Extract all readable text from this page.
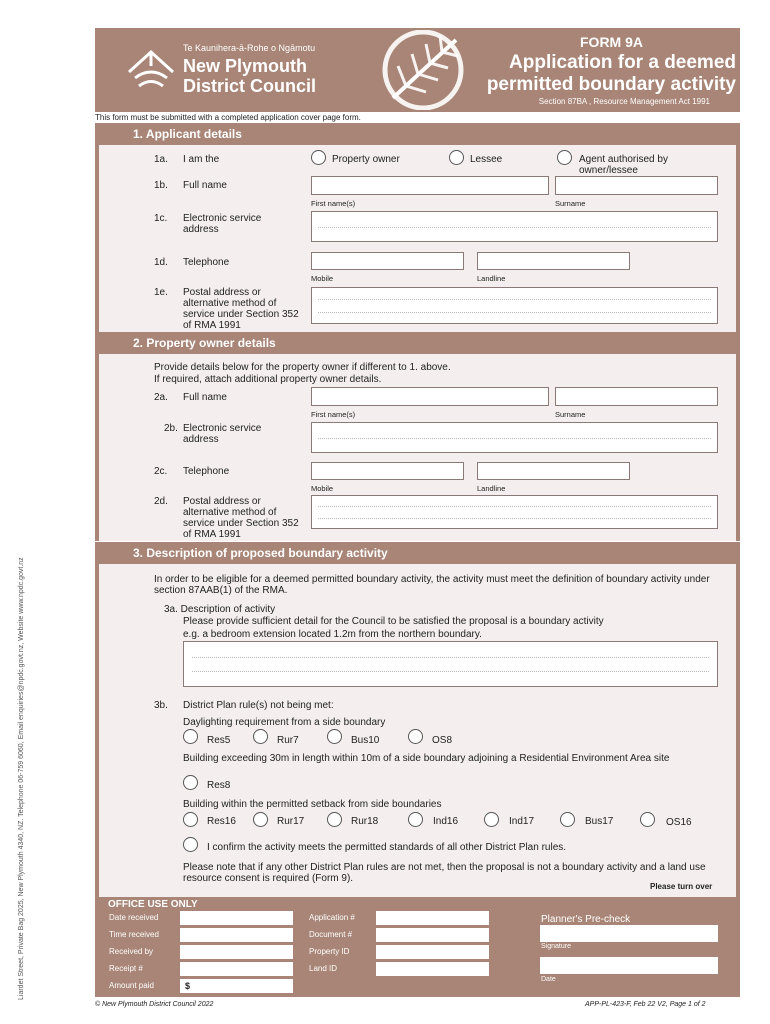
Te Kaunihera-ā-Rohe o Ngāmotu
New Plymouth District Council
FORM 9A
Application for a deemed permitted boundary activity
Section 87BA , Resource Management Act 1991
This form must be submitted with a completed application cover page form.
Liardet Street, Private Bag 2025, New Plymouth 4340, NZ. Telephone 06-759 6060, Email enquiries@npdc.govt.nz, Website www.npdc.govt.nz
1. Applicant details
1a. I am the	Property owner	Lessee	Agent authorised by owner/lessee
1b. Full name
First name(s)	Surname
1c. Electronic service address
1d. Telephone
Mobile	Landline
1e. Postal address or alternative method of service under Section 352 of RMA 1991
2. Property owner details
Provide details below for the property owner if different to 1. above.
If required, attach additional property owner details.
2a. Full name
First name(s)	Surname
2b. Electronic service address
2c. Telephone
Mobile	Landline
2d. Postal address or alternative method of service under Section 352 of RMA 1991
3. Description of proposed boundary activity
In order to be eligible for a deemed permitted boundary activity, the activity must meet the definition of boundary activity under section 87AAB(1) of the RMA.
3a. Description of activity
Please provide sufficient detail for the Council to be satisfied the proposal is a boundary activity
e.g. a bedroom extension located 1.2m from the northern boundary.
3b. District Plan rule(s) not being met:
Daylighting requirement from a side boundary
Res5	Rur7	Bus10	OS8
Building exceeding 30m in length within 10m of a side boundary adjoining a Residential Environment Area site
Res8
Building within the permitted setback from side boundaries
Res16	Rur17	Rur18	Ind16	Ind17	Bus17	OS16
I confirm the activity meets the permitted standards of all other District Plan rules.
Please note that if any other District Plan rules are not met, then the proposal is not a boundary activity and a land use resource consent is required (Form 9).
Please turn over
OFFICE USE ONLY
Date received
Time received
Received by
Receipt #
Amount paid	$
Application #
Document #
Property ID
Land ID
Planner's Pre-check
Signature
Date
© New Plymouth District Council 2022	APP-PL-423-F, Feb 22 V2, Page 1 of 2
